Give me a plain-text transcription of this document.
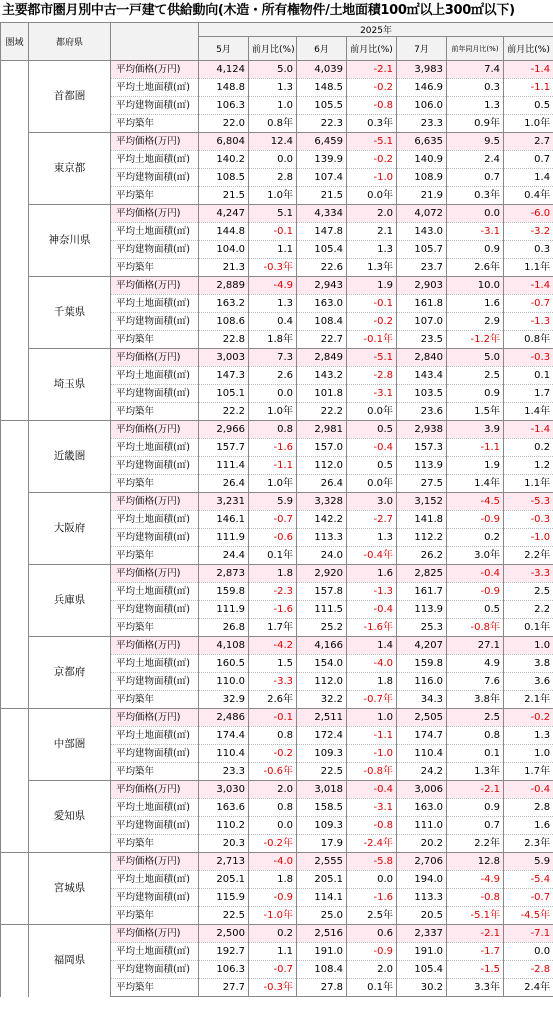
主要都市圏月別中古一戸建て供給動向(木造・所有権物件/土地面積100㎡以上300㎡以下)
圏域	都府県		2025年						
			5月	前月比(%)	6月	前月比(%)	7月	前年同月比(%)	前月比(%)
	首都圏	平均価格(万円)	4,124	5.0	4,039	-2.1	3,983	7.4	-1.4
		平均土地面積(㎡)	148.8	1.3	148.5	-0.2	146.9	0.3	-1.1
		平均建物面積(㎡)	106.3	1.0	105.5	-0.8	106.0	1.3	0.5
		平均築年	22.0	0.8年	22.3	0.3年	23.3	0.9年	1.0年
	東京都	平均価格(万円)	6,804	12.4	6,459	-5.1	6,635	9.5	2.7
		平均土地面積(㎡)	140.2	0.0	139.9	-0.2	140.9	2.4	0.7
		平均建物面積(㎡)	108.5	2.8	107.4	-1.0	108.9	0.7	1.4
		平均築年	21.5	1.0年	21.5	0.0年	21.9	0.3年	0.4年
	神奈川県	平均価格(万円)	4,247	5.1	4,334	2.0	4,072	0.0	-6.0
		平均土地面積(㎡)	144.8	-0.1	147.8	2.1	143.0	-3.1	-3.2
		平均建物面積(㎡)	104.0	1.1	105.4	1.3	105.7	0.9	0.3
		平均築年	21.3	-0.3年	22.6	1.3年	23.7	2.6年	1.1年
	千葉県	平均価格(万円)	2,889	-4.9	2,943	1.9	2,903	10.0	-1.4
		平均土地面積(㎡)	163.2	1.3	163.0	-0.1	161.8	1.6	-0.7
		平均建物面積(㎡)	108.6	0.4	108.4	-0.2	107.0	2.9	-1.3
		平均築年	22.8	1.8年	22.7	-0.1年	23.5	-1.2年	0.8年
	埼玉県	平均価格(万円)	3,003	7.3	2,849	-5.1	2,840	5.0	-0.3
		平均土地面積(㎡)	147.3	2.6	143.2	-2.8	143.4	2.5	0.1
		平均建物面積(㎡)	105.1	0.0	101.8	-3.1	103.5	0.9	1.7
		平均築年	22.2	1.0年	22.2	0.0年	23.6	1.5年	1.4年
	近畿圏	平均価格(万円)	2,966	0.8	2,981	0.5	2,938	3.9	-1.4
		平均土地面積(㎡)	157.7	-1.6	157.0	-0.4	157.3	-1.1	0.2
		平均建物面積(㎡)	111.4	-1.1	112.0	0.5	113.9	1.9	1.2
		平均築年	26.4	1.0年	26.4	0.0年	27.5	1.4年	1.1年
	大阪府	平均価格(万円)	3,231	5.9	3,328	3.0	3,152	-4.5	-5.3
		平均土地面積(㎡)	146.1	-0.7	142.2	-2.7	141.8	-0.9	-0.3
		平均建物面積(㎡)	111.9	-0.6	113.3	1.3	112.2	0.2	-1.0
		平均築年	24.4	0.1年	24.0	-0.4年	26.2	3.0年	2.2年
	兵庫県	平均価格(万円)	2,873	1.8	2,920	1.6	2,825	-0.4	-3.3
		平均土地面積(㎡)	159.8	-2.3	157.8	-1.3	161.7	-0.9	2.5
		平均建物面積(㎡)	111.9	-1.6	111.5	-0.4	113.9	0.5	2.2
		平均築年	26.8	1.7年	25.2	-1.6年	25.3	-0.8年	0.1年
	京都府	平均価格(万円)	4,108	-4.2	4,166	1.4	4,207	27.1	1.0
		平均土地面積(㎡)	160.5	1.5	154.0	-4.0	159.8	4.9	3.8
		平均建物面積(㎡)	110.0	-3.3	112.0	1.8	116.0	7.6	3.6
		平均築年	32.9	2.6年	32.2	-0.7年	34.3	3.8年	2.1年
	中部圏	平均価格(万円)	2,486	-0.1	2,511	1.0	2,505	2.5	-0.2
		平均土地面積(㎡)	174.4	0.8	172.4	-1.1	174.7	0.8	1.3
		平均建物面積(㎡)	110.4	-0.2	109.3	-1.0	110.4	0.1	1.0
		平均築年	23.3	-0.6年	22.5	-0.8年	24.2	1.3年	1.7年
	愛知県	平均価格(万円)	3,030	2.0	3,018	-0.4	3,006	-2.1	-0.4
		平均土地面積(㎡)	163.6	0.8	158.5	-3.1	163.0	0.9	2.8
		平均建物面積(㎡)	110.2	0.0	109.3	-0.8	111.0	0.7	1.6
		平均築年	20.3	-0.2年	17.9	-2.4年	20.2	2.2年	2.3年
	宮城県	平均価格(万円)	2,713	-4.0	2,555	-5.8	2,706	12.8	5.9
		平均土地面積(㎡)	205.1	1.8	205.1	0.0	194.0	-4.9	-5.4
		平均建物面積(㎡)	115.9	-0.9	114.1	-1.6	113.3	-0.8	-0.7
		平均築年	22.5	-1.0年	25.0	2.5年	20.5	-5.1年	-4.5年
	福岡県	平均価格(万円)	2,500	0.2	2,516	0.6	2,337	-2.1	-7.1
		平均土地面積(㎡)	192.7	1.1	191.0	-0.9	191.0	-1.7	0.0
		平均建物面積(㎡)	106.3	-0.7	108.4	2.0	105.4	-1.5	-2.8
		平均築年	27.7	-0.3年	27.8	0.1年	30.2	3.3年	2.4年
